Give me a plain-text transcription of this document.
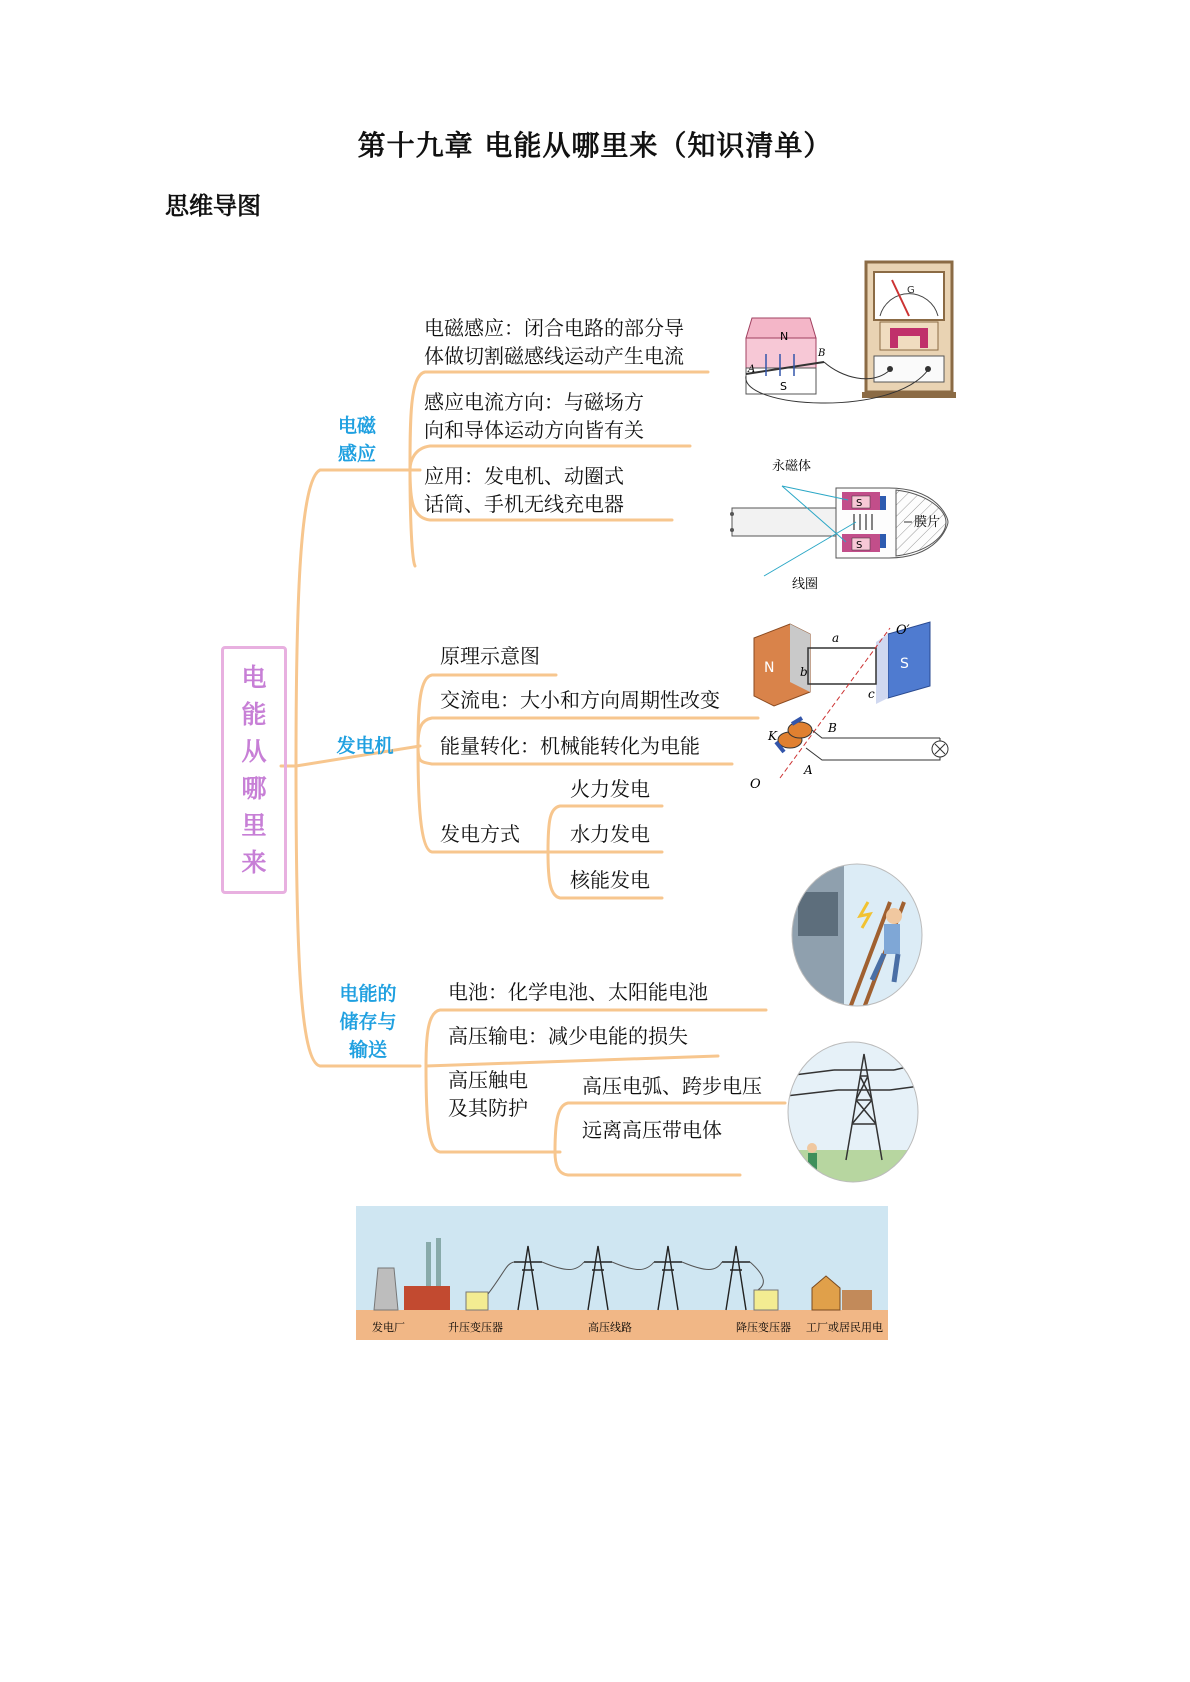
第十九章 电能从哪里来（知识清单）
思维导图
电
能
从
哪
里
来
电磁
感应
发电机
电能的
储存与
输送
电磁感应：闭合电路的部分导
体做切割磁感线运动产生电流
感应电流方向：与磁场方
向和导体运动方向皆有关
应用：发电机、动圈式
话筒、手机无线充电器
原理示意图
交流电：大小和方向周期性改变
能量转化：机械能转化为电能
发电方式
火力发电
水力发电
核能发电
电池：化学电池、太阳能电池
高压输电：减少电能的损失
高压触电
及其防护
高压电弧、跨步电压
远离高压带电体
G
N
S
A
B
S
S
永磁体
膜片
线圈
N	S
O′
O
a
b
c
K
B
A
发电厂	升压变压器	高压线路	降压变压器 工厂或居民用电
